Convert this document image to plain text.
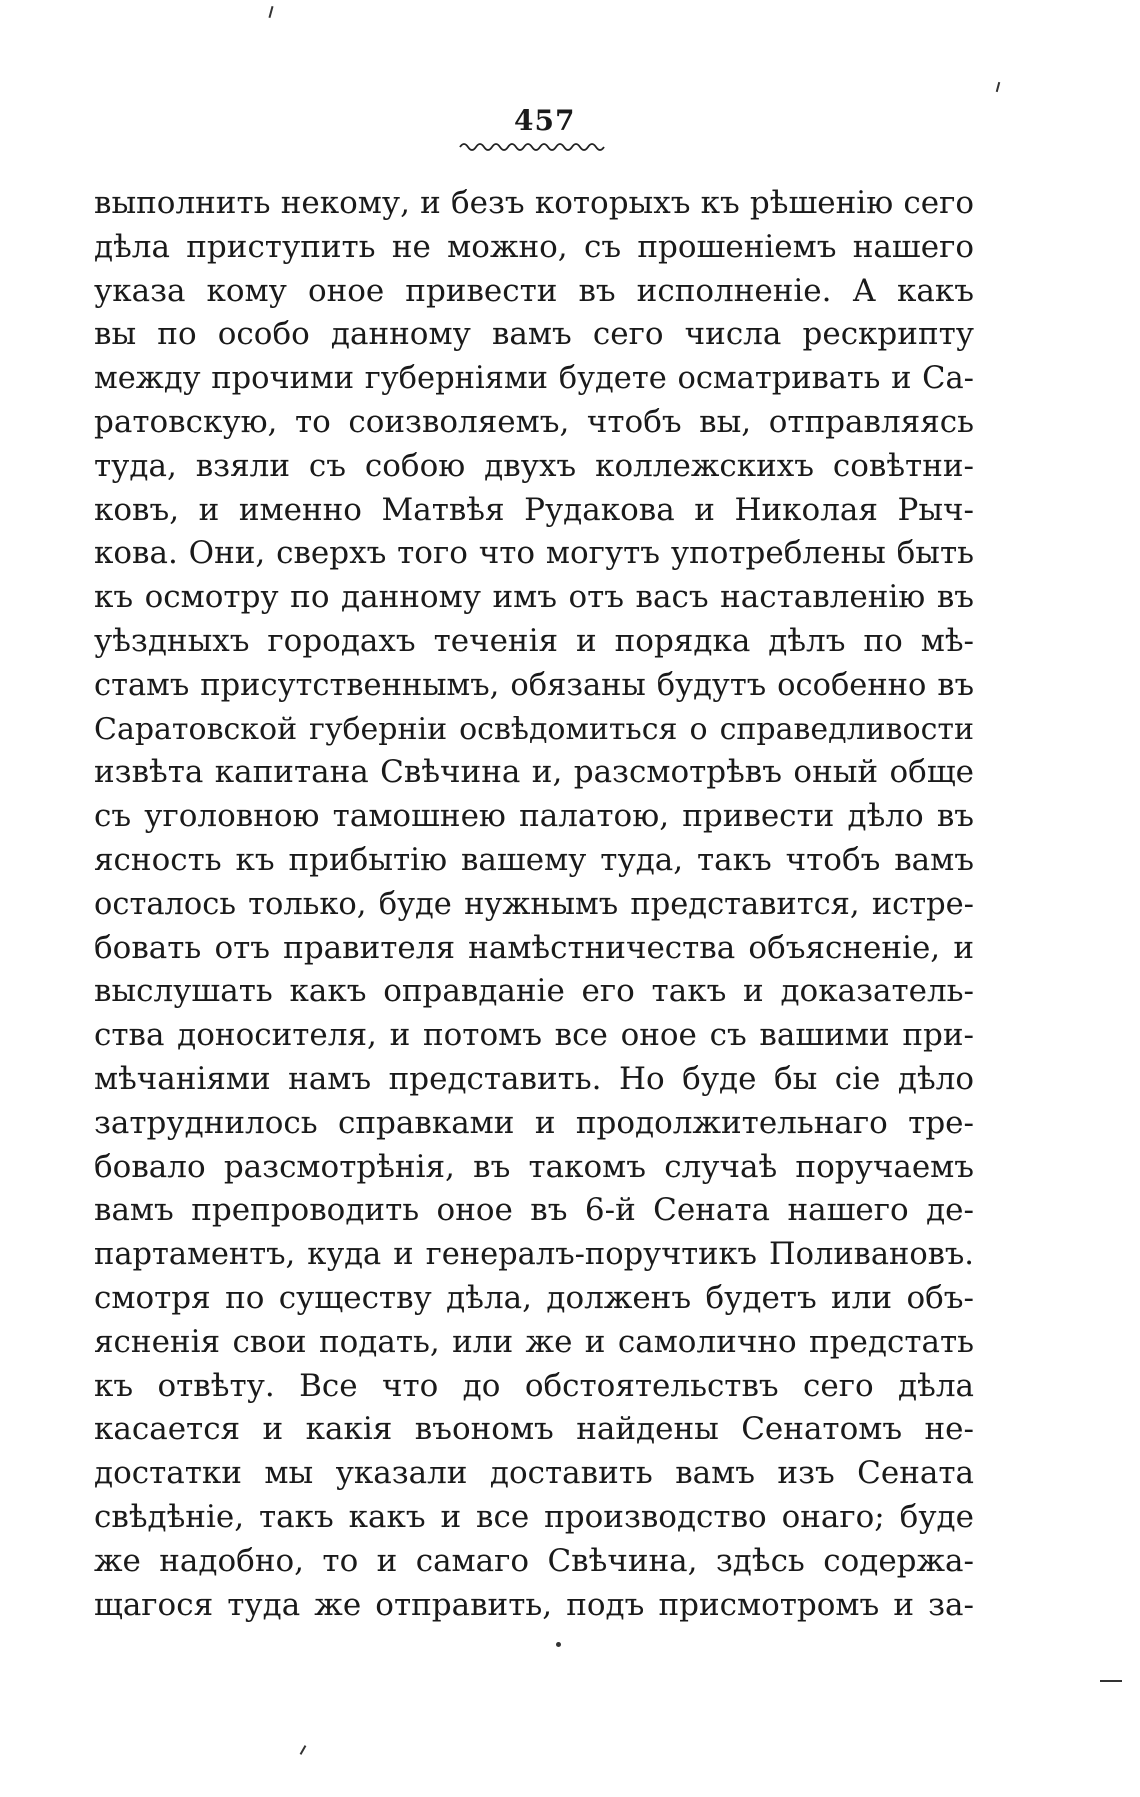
457
выполнить некому, и безъ которыхъ къ рѣшенію сего
дѣла приступить не можно, съ прошеніемъ нашего
указа кому оное привести въ исполненіе. А какъ
вы по особо данному вамъ сего числа рескрипту
между прочими губерніями будете осматривать и Са-
ратовскую, то соизволяемъ, чтобъ вы, отправляясь
туда, взяли съ собою двухъ коллежскихъ совѣтни-
ковъ, и именно Матвѣя Рудакова и Николая Рыч-
кова. Они, сверхъ того что могутъ употреблены быть
къ осмотру по данному имъ отъ васъ наставленію въ
уѣздныхъ городахъ теченія и порядка дѣлъ по мѣ-
стамъ присутственнымъ, обязаны будутъ особенно въ
Саратовской губерніи освѣдомиться о справедливости
извѣта капитана Свѣчина и, разсмотрѣвъ оный обще
съ уголовною тамошнею палатою, привести дѣло въ
ясность къ прибытію вашему туда, такъ чтобъ вамъ
осталось только, буде нужнымъ представится, истре-
бовать отъ правителя намѣстничества объясненіе, и
выслушать какъ оправданіе его такъ и доказатель-
ства доносителя, и потомъ все оное съ вашими при-
мѣчаніями намъ представить. Но буде бы сіе дѣло
затруднилось справками и продолжительнаго тре-
бовало разсмотрѣнія, въ такомъ случаѣ поручаемъ
вамъ препроводить оное въ 6-й Сената нашего де-
партаментъ, куда и генералъ-поручтикъ Поливановъ.
смотря по существу дѣла, долженъ будетъ или объ-
ясненія свои подать, или же и самолично предстать
къ отвѣту. Все что до обстоятельствъ сего дѣла
касается и какія въономъ найдены Сенатомъ не-
достатки мы указали доставить вамъ изъ Сената
свѣдѣніе, такъ какъ и все производство онаго; буде
же надобно, то и самаго Свѣчина, здѣсь содержа-
щагося туда же отправить, подъ присмотромъ и за-
